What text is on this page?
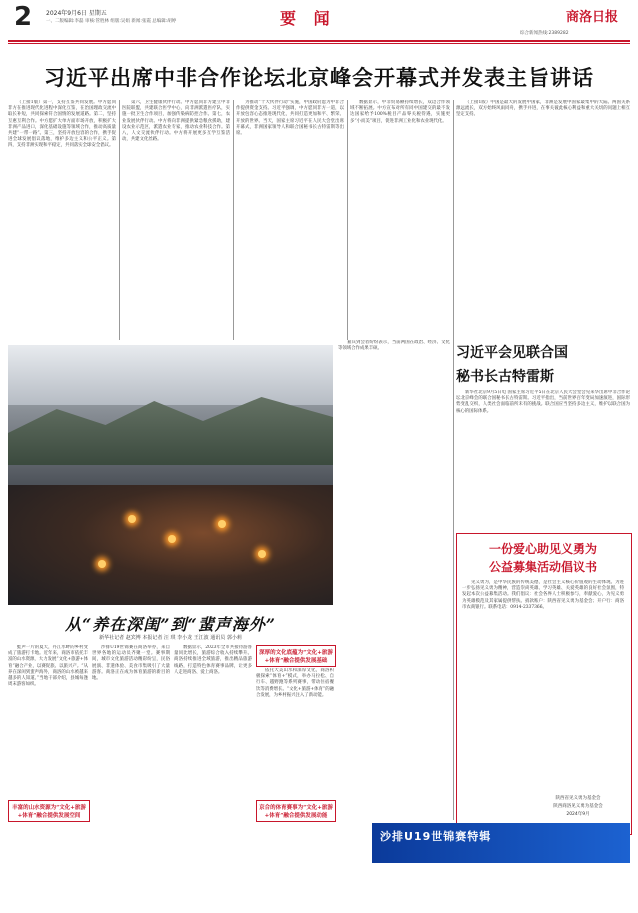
2 2024年9月6日 星期五
一、二版编辑:李磊 审核:管胜林 组版:吴娟 新闻:张霞 总编辑:胡婷	要 闻	商洛日报
综合新闻热线:2389282
习近平出席中非合作论坛北京峰会开幕式并发表主旨讲话

（上接1版）第一，支持互鉴共同发展。中方愿同非方在推进现代化进程中深化互鉴，在治国理政交流中取长补短，共同探索符合国情的发展道路。第二，坚持互惠互利合作。中方愿扩大单方面市场开放，积极扩大非洲产品进口，深化基础设施等领域合作，推动高质量共建“一带一路”。第三，坚持开放包容的合作，携手促进全球发展倡议落地，维护多边主义和公平正义。第四，支持非洲实现和平稳定，共同落实全球安全倡议。

第六，卫生健康伙伴行动。中方愿同非方建立中非医院联盟，共建联合医学中心，向非洲派遣医疗队，实施一批卫生合作项目，加强传染病防控合作。第七，农业发展伙伴行动。中方将向非洲提供紧急粮食援助，建设农业示范区，派遣农业专家，推动农业科技合作。第八，人文交流伙伴行动。中方将开展更多互学互鉴活动，共建文化丝路。

为推动“十大伙伴行动”实施，中国政府愿为中非合作提供资金支持。习近平强调，中方愿同非方一道，以开放包容心态推进现代化，共同打造更加和平、繁荣、开放的世界。当天，国家主席习近平在人民大会堂出席开幕式，非洲国家领导人和联合国秘书长古特雷斯等出席。

数据显示，中非贸易额持续增长，双边合作领域不断拓展。中方宣布对所有同中国建交的最不发达国家给予100%税目产品零关税待遇，实施更多“小而美”项目，促进非洲工业化和农业现代化。

（上接1版）中国是最大的发展中国家，非洲是发展中国家最集中的大陆。两国关系源远流长，双方始终风雨同舟，携手并进，在事关彼此核心利益和重大关切的问题上相互坚定支持。

从“养在深闺”到“蜚声海外”
新华社记者 赵宾博 本报记者 汪 琪 李小龙 王江波 通讯员 郭小莉

蛙声一片的夏天，丹江水畔的乡村变成了旅游打卡地。近年来，商洛市依托丰富的山水资源，大力发展“文化+旅游+体育”融合产业，以赛促旅、以旅兴产。“从养在深闺到蜚声海外，商洛的山水被越来越多的人知道。”当地干部介绍，县城每逢周末游客如织。

丰富的山水资源为“文化+旅游+体育”融合提供发展空间

沙排U19世锦赛在商洛举办，来自世界各地的运动员齐聚一堂。赛事期间，城市文化旅游活动精彩纷呈，民俗展演、非遗体验、美食市集吸引了大量游客。商洛正在成为体育旅游的新目的地。

数据显示，2023年全市共接待游客量同比增长，旅游综合收入持续攀升。商洛持续推进全域旅游，推出精品旅游线路，打造特色体育赛事品牌，让更多人走进商洛、爱上商洛。

深厚的文化底蕴为“文化+旅游+体育”融合提供发展基础

依托大美山水和深厚文化，商洛积极探索“体育+”模式，举办马拉松、自行车、越野跑等系列赛事，带动住宿餐饮等消费增长。“文化+旅游+体育”的融合发展，为乡村振兴注入了新动能。

京合的体育赛事为“文化+旅游+体育”融合提供发展动能

嘉宾到会者纷纷表示，当前两国在政治、经济、文化等领域合作成果丰硕。	习近平会见联合国
秘书长古特雷斯

新华社北京9月5日电 国家主席习近平5日在北京人民大会堂会见来华出席中非合作论坛北京峰会的联合国秘书长古特雷斯。习近平指出，当前世界百年变局加速演进，国际形势变乱交织，人类社会面临前所未有的挑战。联合国应当坚持多边主义，维护以联合国为核心的国际体系。

一份爱心助见义勇为
公益募集活动倡议书

见义勇为，是中华民族的传统美德，是社会主义核心价值观的生动体现。为进一步弘扬见义勇为精神，营造崇尚英雄、学习英雄、关爱英雄的良好社会氛围，特发起本次公益募集活动。我们倡议：社会各界人士积极参与，奉献爱心，为见义勇为英雄模范及其家属提供帮扶。捐款账户：陕西省见义勇为基金会；开户行：商洛市农商银行。联系电话：0914-2337366。

陕西省见义勇为基金会
陕西商洛见义勇为基金会
2024年9月
沙排U19世锦赛特辑
